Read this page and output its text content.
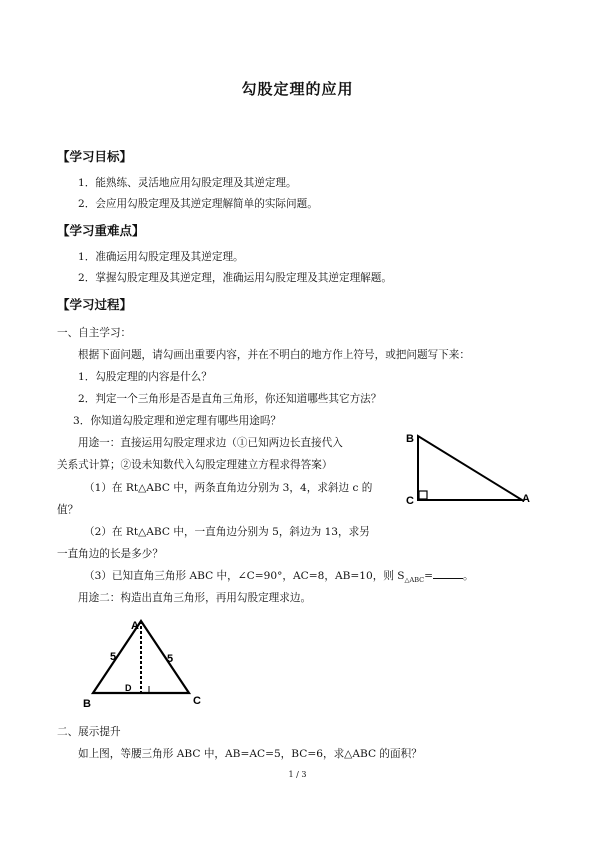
勾股定理的应用
【学习目标】
1．能熟练、灵活地应用勾股定理及其逆定理。
2．会应用勾股定理及其逆定理解简单的实际问题。
【学习重难点】
1．准确运用勾股定理及其逆定理。
2．掌握勾股定理及其逆定理，准确运用勾股定理及其逆定理解题。
【学习过程】
一、自主学习：
根据下面问题，请勾画出重要内容，并在不明白的地方作上符号，或把问题写下来：
1．勾股定理的内容是什么？
2．判定一个三角形是否是直角三角形，你还知道哪些其它方法？
3．你知道勾股定理和逆定理有哪些用途吗？
用途一：直接运用勾股定理求边（①已知两边长直接代入
关系式计算；②设未知数代入勾股定理建立方程求得答案）
（1）在 Rt△ABC 中，两条直角边分别为 3，4，求斜边 c 的
值？
（2）在 Rt△ABC 中，一直角边分别为 5，斜边为 13，求另
一直角边的长是多少？
（3）已知直角三角形 ABC 中，∠C=90°，AC=8，AB=10，则 $S_{\triangle ABC}=$	。
用途二：构造出直角三角形，再用勾股定理求边。
B
C	A
A
B	C
D
5	5
二、展示提升
如上图，等腰三角形 ABC 中，AB=AC=5，BC=6，求△ABC 的面积？
1 / 3
